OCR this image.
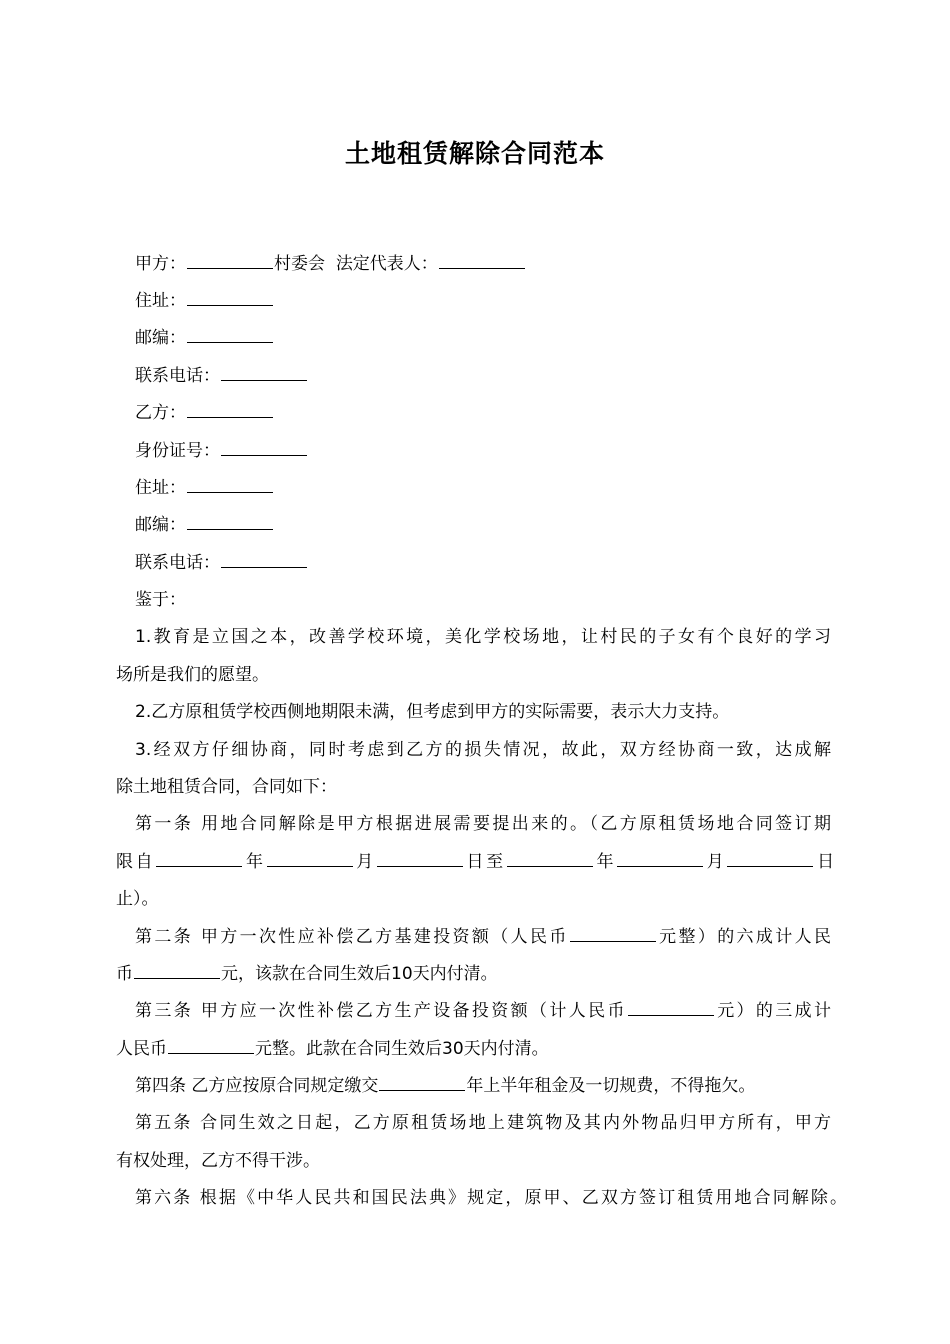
土地租赁解除合同范本
甲方：	村委会 法定代表人：
住址：
邮编：
联系电话：
乙方：
身份证号：
住址：
邮编：
联系电话：
鉴于：
1.教育是立国之本，改善学校环境，美化学校场地，让村民的子女有个良好的学习
场所是我们的愿望。
2.乙方原租赁学校西侧地期限未满，但考虑到甲方的实际需要，表示大力支持。
3.经双方仔细协商，同时考虑到乙方的损失情况，故此，双方经协商一致，达成解
除土地租赁合同，合同如下：
第一条 用地合同解除是甲方根据进展需要提出来的。（乙方原租赁场地合同签订期
限自	年	月	日至	年	月	日
止）。
第二条 甲方一次性应补偿乙方基建投资额（人民币	元整）的六成计人民
币	元，该款在合同生效后10天内付清。
第三条 甲方应一次性补偿乙方生产设备投资额（计人民币	元）的三成计
人民币	元整。此款在合同生效后30天内付清。
第四条 乙方应按原合同规定缴交	年上半年租金及一切规费，不得拖欠。
第五条 合同生效之日起，乙方原租赁场地上建筑物及其内外物品归甲方所有，甲方
有权处理，乙方不得干涉。
第六条 根据《中华人民共和国民法典》规定，原甲、乙双方签订租赁用地合同解除。
